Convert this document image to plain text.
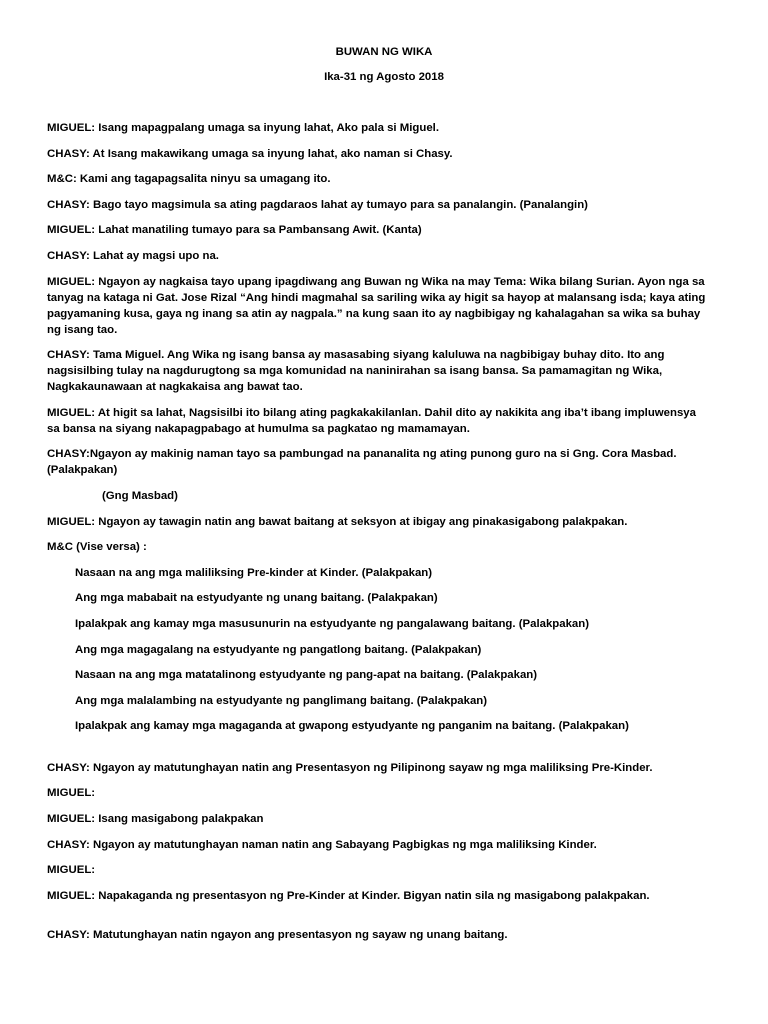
BUWAN NG WIKA
Ika-31 ng Agosto 2018
MIGUEL: Isang mapagpalang umaga sa inyung lahat, Ako pala si Miguel.
CHASY: At Isang makawikang umaga sa inyung lahat, ako naman si Chasy.
M&C: Kami ang tagapagsalita ninyu sa umagang ito.
CHASY: Bago tayo magsimula sa ating pagdaraos lahat ay tumayo para sa panalangin. (Panalangin)
MIGUEL: Lahat manatiling tumayo para sa Pambansang Awit. (Kanta)
CHASY: Lahat ay magsi upo na.
MIGUEL: Ngayon ay nagkaisa tayo upang ipagdiwang ang Buwan ng Wika na may Tema: Wika bilang Surian. Ayon nga sa tanyag na kataga ni Gat. Jose Rizal “Ang hindi magmahal sa sariling wika ay higit sa hayop at malansang isda; kaya ating pagyamaning kusa, gaya ng inang sa atin ay nagpala.” na kung saan ito ay nagbibigay ng kahalagahan sa wika sa buhay ng isang tao.
CHASY: Tama Miguel. Ang Wika ng isang bansa ay masasabing siyang kaluluwa na nagbibigay buhay dito. Ito ang nagsisilbing tulay na nagdurugtong sa mga komunidad na naninirahan sa isang bansa. Sa pamamagitan ng Wika, Nagkakaunawaan at nagkakaisa ang bawat tao.
MIGUEL: At higit sa lahat, Nagsisilbi ito bilang ating pagkakakilanlan. Dahil dito ay nakikita ang iba’t ibang impluwensya sa bansa na siyang nakapagpabago at humulma sa pagkatao ng mamamayan.
CHASY:Ngayon ay makinig naman tayo sa pambungad na pananalita ng ating punong guro na si Gng. Cora Masbad. (Palakpakan)
(Gng Masbad)
MIGUEL: Ngayon ay tawagin natin ang bawat baitang at seksyon at ibigay ang pinakasigabong palakpakan.
M&C (Vise versa) :
Nasaan na ang mga maliliksing Pre-kinder at Kinder. (Palakpakan)
Ang mga mababait na estyudyante ng unang baitang. (Palakpakan)
Ipalakpak ang kamay mga masusunurin na estyudyante ng pangalawang baitang. (Palakpakan)
Ang mga magagalang na estyudyante ng pangatlong baitang. (Palakpakan)
Nasaan na ang mga matatalinong estyudyante ng pang-apat na baitang. (Palakpakan)
Ang mga malalambing na estyudyante ng panglimang baitang. (Palakpakan)
Ipalakpak ang kamay mga magaganda at gwapong estyudyante ng panganim na baitang. (Palakpakan)
CHASY: Ngayon ay matutunghayan natin ang Presentasyon ng Pilipinong sayaw ng mga maliliksing Pre-Kinder.
MIGUEL:
MIGUEL: Isang masigabong palakpakan
CHASY: Ngayon ay matutunghayan naman natin ang Sabayang Pagbigkas ng mga maliliksing Kinder.
MIGUEL:
MIGUEL: Napakaganda ng presentasyon ng Pre-Kinder at Kinder. Bigyan natin sila ng masigabong palakpakan.
CHASY: Matutunghayan natin ngayon ang presentasyon ng sayaw ng unang baitang.
